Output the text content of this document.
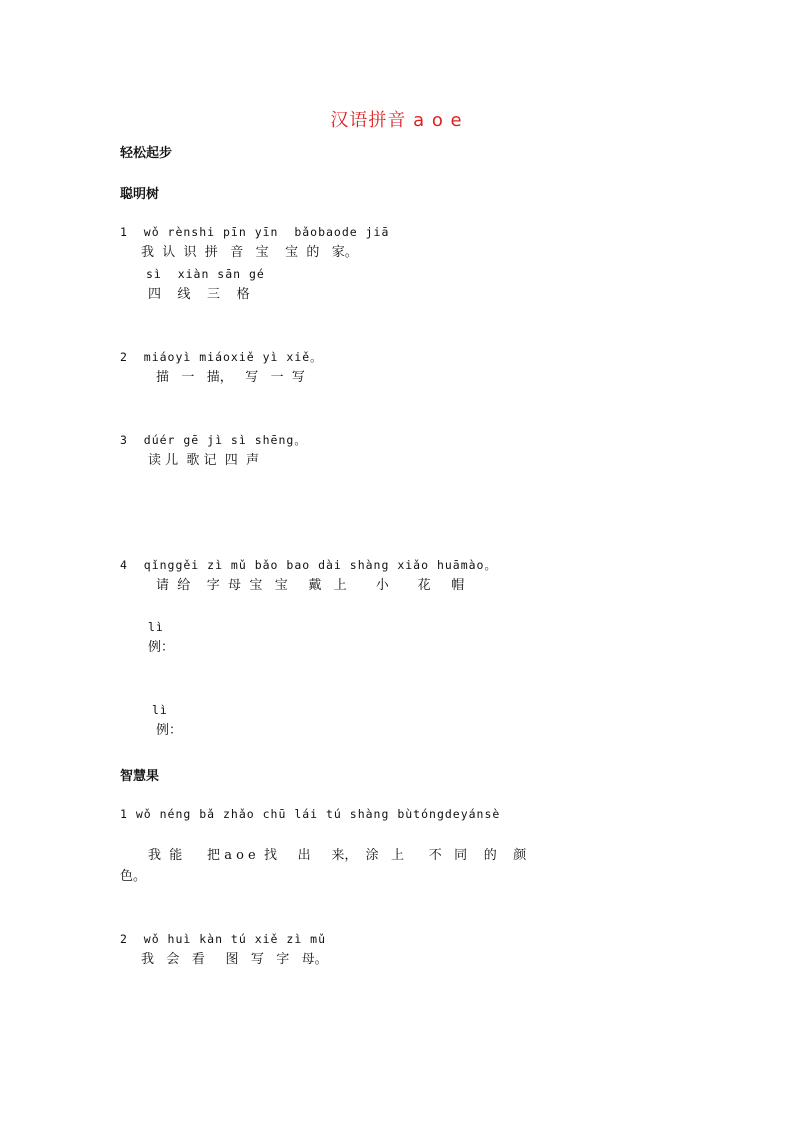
汉语拼音 a o e
轻松起步
聪明树
1  wǒ rènshi pīn yīn  bǎobaode jiā
我  认  识  拼   音   宝    宝  的   家。
sì  xiàn sān gé
四    线    三    格
2  miáoyì miáoxiě yì xiě。
描   一   描，   写   一  写
3  dúér gē jì sì shēng。
读 儿  歌 记  四  声
4  qǐnggěi zì mǔ bǎo bao dài shàng xiǎo huāmào。
请  给    字  母  宝   宝     戴   上       小       花     帽
lì
例：
lì
例：
智慧果
1 wǒ néng bǎ zhǎo chū lái tú shàng bùtóngdeyánsè
我  能      把 a o e  找     出     来，  涂   上      不   同    的    颜
色。
2  wǒ huì kàn tú xiě zì mǔ
我   会   看     图   写   字   母。
